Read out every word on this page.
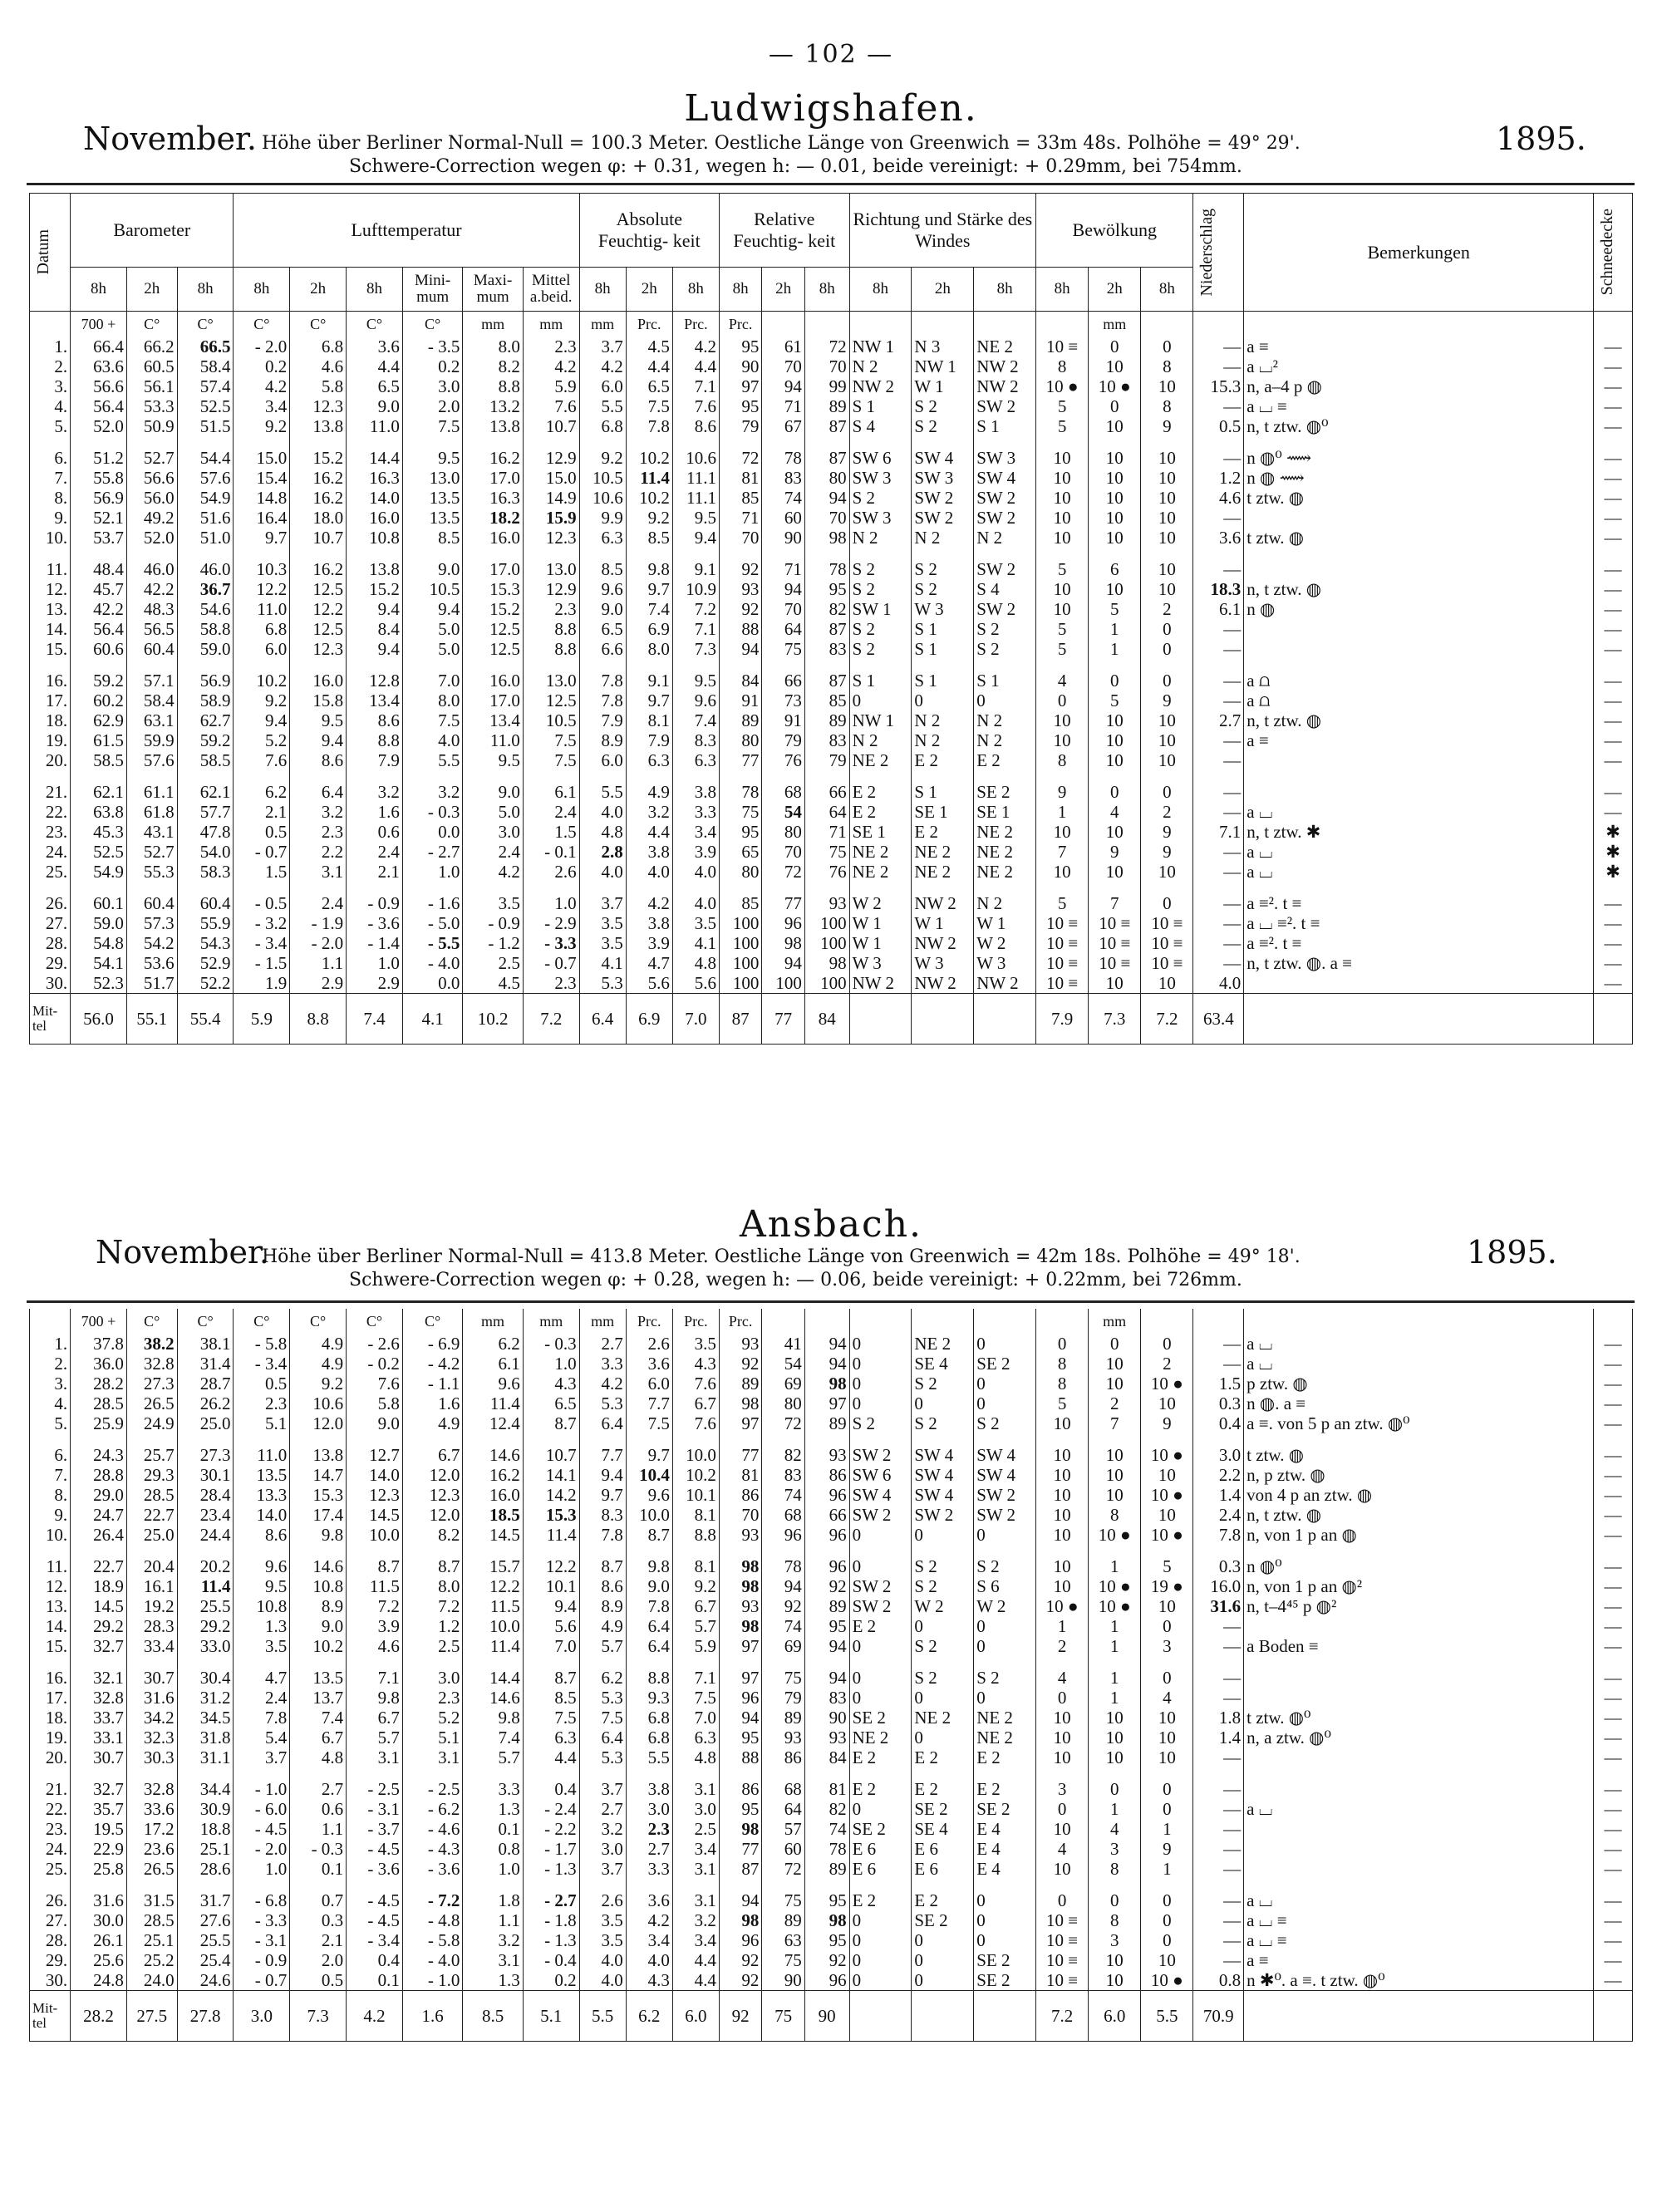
— 102 —
Ludwigshafen.
November.	1895.
Höhe über Berliner Normal-Null = 100.3 Meter. Oestliche Länge von Greenwich = 33m 48s. Polhöhe = 49° 29'.
Schwere-Correction wegen φ: + 0.31, wegen h: — 0.01, beide vereinigt: + 0.29mm, bei 754mm.
Datum	Barometer			Lufttemperatur						Absolute Feuchtig- keit			Relative Feuchtig- keit			Richtung und Stärke des Windes			Bewölkung			Niederschlag	Bemerkungen	Schneedecke

	8h	2h	8h	8h	2h	8h	Mini- mum	Maxi- mum	Mittel a.beid.	8h	2h	8h	8h	2h	8h	8h	2h	8h	8h	2h	8h			
	700 +	C°	C°	C°	C°	C°	C°	mm	mm	mm	Prc.	Prc.	Prc.							mm				
1.	66.4	66.2	66.5	- 2.0	6.8	3.6	- 3.5	8.0	2.3	3.7	4.5	4.2	95	61	72	NW 1	N 3	NE 2	10 ≡	0	0	—	a ≡	—
2.	63.6	60.5	58.4	0.2	4.6	4.4	0.2	8.2	4.2	4.2	4.4	4.4	90	70	70	N 2	NW 1	NW 2	8	10	8	—	a ⌴²	—
3.	56.6	56.1	57.4	4.2	5.8	6.5	3.0	8.8	5.9	6.0	6.5	7.1	97	94	99	NW 2	W 1	NW 2	10 ●	10 ●	10	15.3	n, a–4 p ◍	—
4.	56.4	53.3	52.5	3.4	12.3	9.0	2.0	13.2	7.6	5.5	7.5	7.6	95	71	89	S 1	S 2	SW 2	5	0	8	—	a ⌴ ≡	—
5.	52.0	50.9	51.5	9.2	13.8	11.0	7.5	13.8	10.7	6.8	7.8	8.6	79	67	87	S 4	S 2	S 1	5	10	9	0.5	n, t ztw. ◍⁰	—

6.	51.2	52.7	54.4	15.0	15.2	14.4	9.5	16.2	12.9	9.2	10.2	10.6	72	78	87	SW 6	SW 4	SW 3	10	10	10	—	n ◍⁰ ⟿	—
7.	55.8	56.6	57.6	15.4	16.2	16.3	13.0	17.0	15.0	10.5	11.4	11.1	81	83	80	SW 3	SW 3	SW 4	10	10	10	1.2	n ◍ ⟿	—
8.	56.9	56.0	54.9	14.8	16.2	14.0	13.5	16.3	14.9	10.6	10.2	11.1	85	74	94	S 2	SW 2	SW 2	10	10	10	4.6	t ztw. ◍	—
9.	52.1	49.2	51.6	16.4	18.0	16.0	13.5	18.2	15.9	9.9	9.2	9.5	71	60	70	SW 3	SW 2	SW 2	10	10	10	—		—
10.	53.7	52.0	51.0	9.7	10.7	10.8	8.5	16.0	12.3	6.3	8.5	9.4	70	90	98	N 2	N 2	N 2	10	10	10	3.6	t ztw. ◍	—

11.	48.4	46.0	46.0	10.3	16.2	13.8	9.0	17.0	13.0	8.5	9.8	9.1	92	71	78	S 2	S 2	SW 2	5	6	10	—		—
12.	45.7	42.2	36.7	12.2	12.5	15.2	10.5	15.3	12.9	9.6	9.7	10.9	93	94	95	S 2	S 2	S 4	10	10	10	18.3	n, t ztw. ◍	—
13.	42.2	48.3	54.6	11.0	12.2	9.4	9.4	15.2	2.3	9.0	7.4	7.2	92	70	82	SW 1	W 3	SW 2	10	5	2	6.1	n ◍	—
14.	56.4	56.5	58.8	6.8	12.5	8.4	5.0	12.5	8.8	6.5	6.9	7.1	88	64	87	S 2	S 1	S 2	5	1	0	—		—
15.	60.6	60.4	59.0	6.0	12.3	9.4	5.0	12.5	8.8	6.6	8.0	7.3	94	75	83	S 2	S 1	S 2	5	1	0	—		—

16.	59.2	57.1	56.9	10.2	16.0	12.8	7.0	16.0	13.0	7.8	9.1	9.5	84	66	87	S 1	S 1	S 1	4	0	0	—	a ⩍	—
17.	60.2	58.4	58.9	9.2	15.8	13.4	8.0	17.0	12.5	7.8	9.7	9.6	91	73	85	0	0	0	0	5	9	—	a ⩍	—
18.	62.9	63.1	62.7	9.4	9.5	8.6	7.5	13.4	10.5	7.9	8.1	7.4	89	91	89	NW 1	N 2	N 2	10	10	10	2.7	n, t ztw. ◍	—
19.	61.5	59.9	59.2	5.2	9.4	8.8	4.0	11.0	7.5	8.9	7.9	8.3	80	79	83	N 2	N 2	N 2	10	10	10	—	a ≡	—
20.	58.5	57.6	58.5	7.6	8.6	7.9	5.5	9.5	7.5	6.0	6.3	6.3	77	76	79	NE 2	E 2	E 2	8	10	10	—		—

21.	62.1	61.1	62.1	6.2	6.4	3.2	3.2	9.0	6.1	5.5	4.9	3.8	78	68	66	E 2	S 1	SE 2	9	0	0	—		—
22.	63.8	61.8	57.7	2.1	3.2	1.6	- 0.3	5.0	2.4	4.0	3.2	3.3	75	54	64	E 2	SE 1	SE 1	1	4	2	—	a ⌴	—
23.	45.3	43.1	47.8	0.5	2.3	0.6	0.0	3.0	1.5	4.8	4.4	3.4	95	80	71	SE 1	E 2	NE 2	10	10	9	7.1	n, t ztw. ✱	✱
24.	52.5	52.7	54.0	- 0.7	2.2	2.4	- 2.7	2.4	- 0.1	2.8	3.8	3.9	65	70	75	NE 2	NE 2	NE 2	7	9	9	—	a ⌴	✱
25.	54.9	55.3	58.3	1.5	3.1	2.1	1.0	4.2	2.6	4.0	4.0	4.0	80	72	76	NE 2	NE 2	NE 2	10	10	10	—	a ⌴	✱

26.	60.1	60.4	60.4	- 0.5	2.4	- 0.9	- 1.6	3.5	1.0	3.7	4.2	4.0	85	77	93	W 2	NW 2	N 2	5	7	0	—	a ≡². t ≡	—
27.	59.0	57.3	55.9	- 3.2	- 1.9	- 3.6	- 5.0	- 0.9	- 2.9	3.5	3.8	3.5	100	96	100	W 1	W 1	W 1	10 ≡	10 ≡	10 ≡	—	a ⌴ ≡². t ≡	—
28.	54.8	54.2	54.3	- 3.4	- 2.0	- 1.4	- 5.5	- 1.2	- 3.3	3.5	3.9	4.1	100	98	100	W 1	NW 2	W 2	10 ≡	10 ≡	10 ≡	—	a ≡². t ≡	—
29.	54.1	53.6	52.9	- 1.5	1.1	1.0	- 4.0	2.5	- 0.7	4.1	4.7	4.8	100	94	98	W 3	W 3	W 3	10 ≡	10 ≡	10 ≡	—	n, t ztw. ◍. a ≡	—
30.	52.3	51.7	52.2	1.9	2.9	2.9	0.0	4.5	2.3	5.3	5.6	5.6	100	100	100	NW 2	NW 2	NW 2	10 ≡	10	10	4.0		—
Mit- tel	56.0	55.1	55.4	5.9	8.8	7.4	4.1	10.2	7.2	6.4	6.9	7.0	87	77	84				7.9	7.3	7.2	63.4		
Ansbach.
November.	1895.
Höhe über Berliner Normal-Null = 413.8 Meter. Oestliche Länge von Greenwich = 42m 18s. Polhöhe = 49° 18'.
Schwere-Correction wegen φ: + 0.28, wegen h: — 0.06, beide vereinigt: + 0.22mm, bei 726mm.
	700 +	C°	C°	C°	C°	C°	C°	mm	mm	mm	Prc.	Prc.	Prc.							mm				
1.	37.8	38.2	38.1	- 5.8	4.9	- 2.6	- 6.9	6.2	- 0.3	2.7	2.6	3.5	93	41	94	0	NE 2	0	0	0	0	—	a ⌴	—
2.	36.0	32.8	31.4	- 3.4	4.9	- 0.2	- 4.2	6.1	1.0	3.3	3.6	4.3	92	54	94	0	SE 4	SE 2	8	10	2	—	a ⌴	—
3.	28.2	27.3	28.7	0.5	9.2	7.6	- 1.1	9.6	4.3	4.2	6.0	7.6	89	69	98	0	S 2	0	8	10	10 ●	1.5	p ztw. ◍	—
4.	28.5	26.5	26.2	2.3	10.6	5.8	1.6	11.4	6.5	5.3	7.7	6.7	98	80	97	0	0	0	5	2	10	0.3	n ◍. a ≡	—
5.	25.9	24.9	25.0	5.1	12.0	9.0	4.9	12.4	8.7	6.4	7.5	7.6	97	72	89	S 2	S 2	S 2	10	7	9	0.4	a ≡. von 5 p an ztw. ◍⁰	—

6.	24.3	25.7	27.3	11.0	13.8	12.7	6.7	14.6	10.7	7.7	9.7	10.0	77	82	93	SW 2	SW 4	SW 4	10	10	10 ●	3.0	t ztw. ◍	—
7.	28.8	29.3	30.1	13.5	14.7	14.0	12.0	16.2	14.1	9.4	10.4	10.2	81	83	86	SW 6	SW 4	SW 4	10	10	10	2.2	n, p ztw. ◍	—
8.	29.0	28.5	28.4	13.3	15.3	12.3	12.3	16.0	14.2	9.7	9.6	10.1	86	74	96	SW 4	SW 4	SW 2	10	10	10 ●	1.4	von 4 p an ztw. ◍	—
9.	24.7	22.7	23.4	14.0	17.4	14.5	12.0	18.5	15.3	8.3	10.0	8.1	70	68	66	SW 2	SW 2	SW 2	10	8	10	2.4	n, t ztw. ◍	—
10.	26.4	25.0	24.4	8.6	9.8	10.0	8.2	14.5	11.4	7.8	8.7	8.8	93	96	96	0	0	0	10	10 ●	10 ●	7.8	n, von 1 p an ◍	—

11.	22.7	20.4	20.2	9.6	14.6	8.7	8.7	15.7	12.2	8.7	9.8	8.1	98	78	96	0	S 2	S 2	10	1	5	0.3	n ◍⁰	—
12.	18.9	16.1	11.4	9.5	10.8	11.5	8.0	12.2	10.1	8.6	9.0	9.2	98	94	92	SW 2	S 2	S 6	10	10 ●	19 ●	16.0	n, von 1 p an ◍²	—
13.	14.5	19.2	25.5	10.8	8.9	7.2	7.2	11.5	9.4	8.9	7.8	6.7	93	92	89	SW 2	W 2	W 2	10 ●	10 ●	10	31.6	n, t–4⁴⁵ p ◍²	—
14.	29.2	28.3	29.2	1.3	9.0	3.9	1.2	10.0	5.6	4.9	6.4	5.7	98	74	95	E 2	0	0	1	1	0	—		—
15.	32.7	33.4	33.0	3.5	10.2	4.6	2.5	11.4	7.0	5.7	6.4	5.9	97	69	94	0	S 2	0	2	1	3	—	a Boden ≡	—

16.	32.1	30.7	30.4	4.7	13.5	7.1	3.0	14.4	8.7	6.2	8.8	7.1	97	75	94	0	S 2	S 2	4	1	0	—		—
17.	32.8	31.6	31.2	2.4	13.7	9.8	2.3	14.6	8.5	5.3	9.3	7.5	96	79	83	0	0	0	0	1	4	—		—
18.	33.7	34.2	34.5	7.8	7.4	6.7	5.2	9.8	7.5	7.5	6.8	7.0	94	89	90	SE 2	NE 2	NE 2	10	10	10	1.8	t ztw. ◍⁰	—
19.	33.1	32.3	31.8	5.4	6.7	5.7	5.1	7.4	6.3	6.4	6.8	6.3	95	93	93	NE 2	0	NE 2	10	10	10	1.4	n, a ztw. ◍⁰	—
20.	30.7	30.3	31.1	3.7	4.8	3.1	3.1	5.7	4.4	5.3	5.5	4.8	88	86	84	E 2	E 2	E 2	10	10	10	—		—

21.	32.7	32.8	34.4	- 1.0	2.7	- 2.5	- 2.5	3.3	0.4	3.7	3.8	3.1	86	68	81	E 2	E 2	E 2	3	0	0	—		—
22.	35.7	33.6	30.9	- 6.0	0.6	- 3.1	- 6.2	1.3	- 2.4	2.7	3.0	3.0	95	64	82	0	SE 2	SE 2	0	1	0	—	a ⌴	—
23.	19.5	17.2	18.8	- 4.5	1.1	- 3.7	- 4.6	0.1	- 2.2	3.2	2.3	2.5	98	57	74	SE 2	SE 4	E 4	10	4	1	—		—
24.	22.9	23.6	25.1	- 2.0	- 0.3	- 4.5	- 4.3	0.8	- 1.7	3.0	2.7	3.4	77	60	78	E 6	E 6	E 4	4	3	9	—		—
25.	25.8	26.5	28.6	1.0	0.1	- 3.6	- 3.6	1.0	- 1.3	3.7	3.3	3.1	87	72	89	E 6	E 6	E 4	10	8	1	—		—

26.	31.6	31.5	31.7	- 6.8	0.7	- 4.5	- 7.2	1.8	- 2.7	2.6	3.6	3.1	94	75	95	E 2	E 2	0	0	0	0	—	a ⌴	—
27.	30.0	28.5	27.6	- 3.3	0.3	- 4.5	- 4.8	1.1	- 1.8	3.5	4.2	3.2	98	89	98	0	SE 2	0	10 ≡	8	0	—	a ⌴ ≡	—
28.	26.1	25.1	25.5	- 3.1	2.1	- 3.4	- 5.8	3.2	- 1.3	3.5	3.4	3.4	96	63	95	0	0	0	10 ≡	3	0	—	a ⌴ ≡	—
29.	25.6	25.2	25.4	- 0.9	2.0	0.4	- 4.0	3.1	- 0.4	4.0	4.0	4.4	92	75	92	0	0	SE 2	10 ≡	10	10	—	a ≡	—
30.	24.8	24.0	24.6	- 0.7	0.5	0.1	- 1.0	1.3	0.2	4.0	4.3	4.4	92	90	96	0	0	SE 2	10 ≡	10	10 ●	0.8	n ✱⁰. a ≡. t ztw. ◍⁰	—
Mit- tel	28.2	27.5	27.8	3.0	7.3	4.2	1.6	8.5	5.1	5.5	6.2	6.0	92	75	90				7.2	6.0	5.5	70.9		
